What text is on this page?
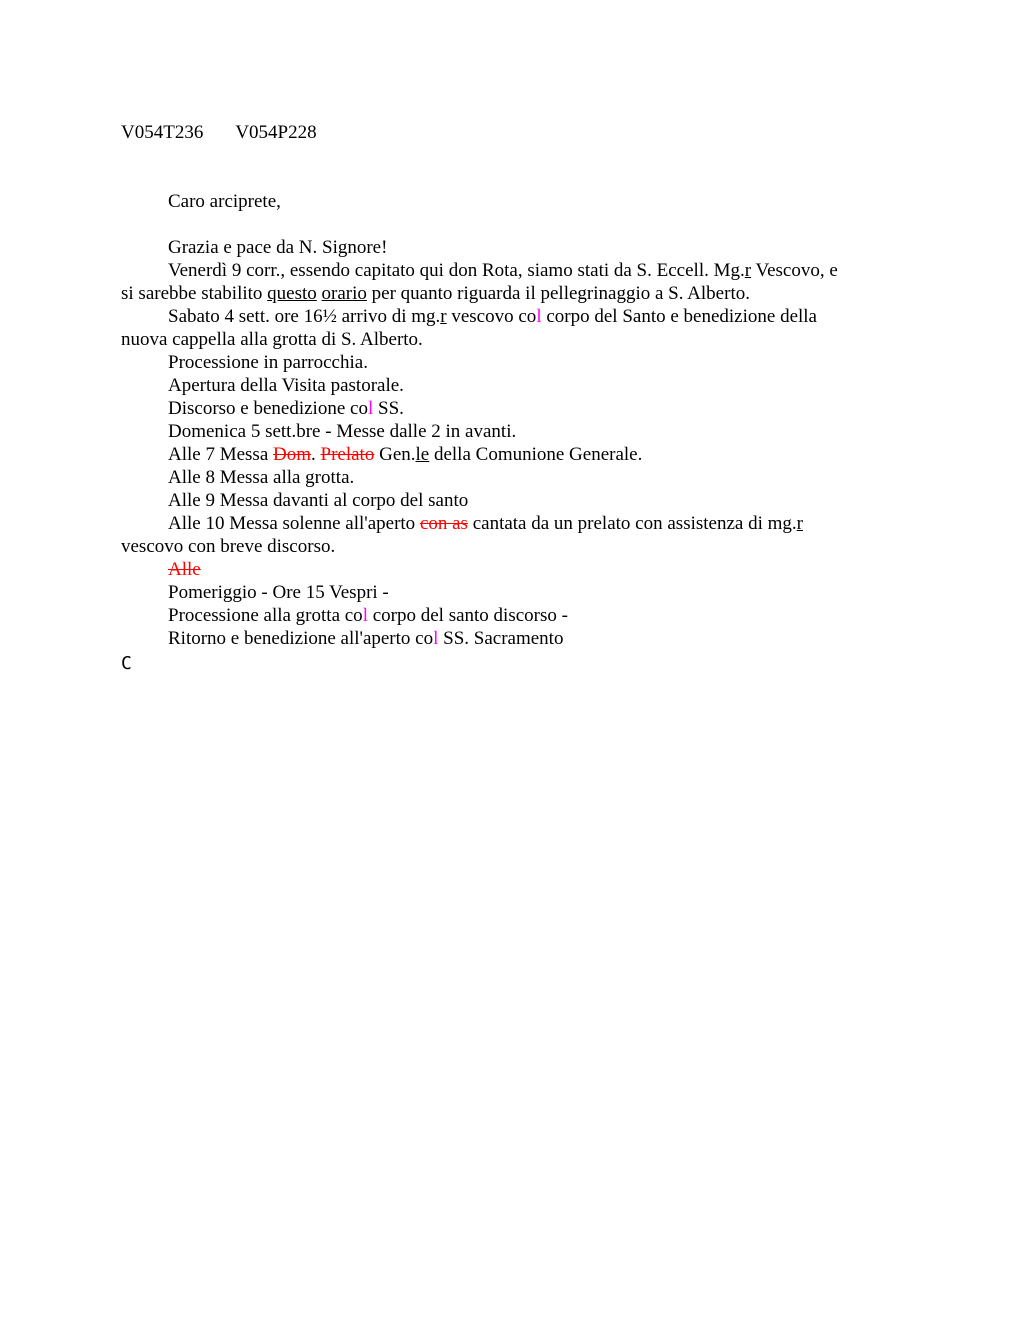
V054T236 V054P228
Caro arciprete,
Grazia e pace da N. Signore!
Venerdì 9 corr., essendo capitato qui don Rota, siamo stati da S. Eccell. Mg.r Vescovo, e si sarebbe stabilito questo orario per quanto riguarda il pellegrinaggio a S. Alberto.
Sabato 4 sett. ore 16½ arrivo di mg.r vescovo col corpo del Santo e benedizione della nuova cappella alla grotta di S. Alberto.
Processione in parrocchia.
Apertura della Visita pastorale.
Discorso e benedizione col SS.
Domenica 5 sett.bre - Messe dalle 2 in avanti.
Alle 7 Messa Dom. Prelato Gen.le della Comunione Generale.
Alle 8 Messa alla grotta.
Alle 9 Messa davanti al corpo del santo
Alle 10 Messa solenne all'aperto con as cantata da un prelato con assistenza di mg.r vescovo con breve discorso.
Alle
Pomeriggio - Ore 15 Vespri -
Processione alla grotta col corpo del santo discorso -
Ritorno e benedizione all'aperto col SS. Sacramento
C
